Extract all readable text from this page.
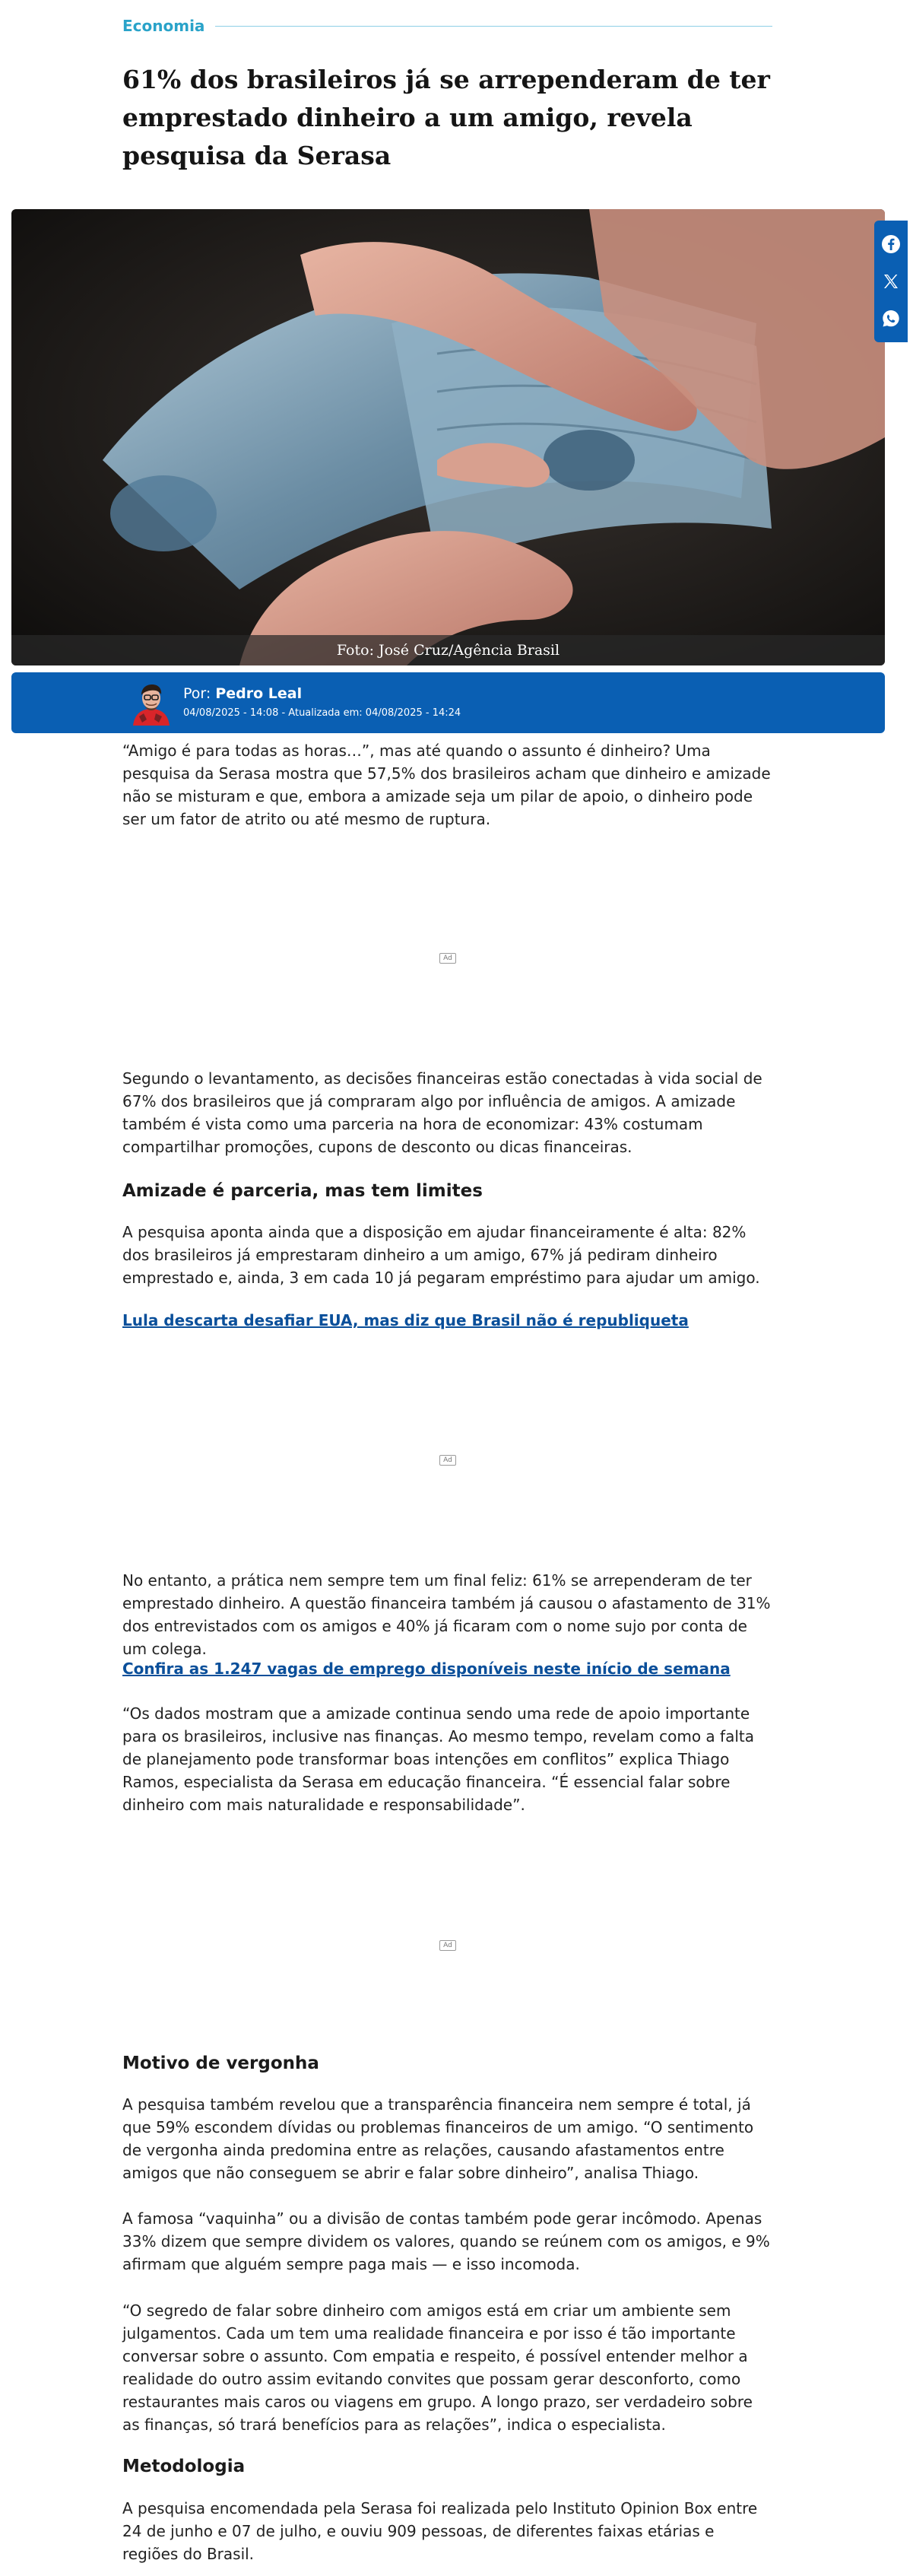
Economia
61% dos brasileiros já se arrependeram de ter emprestado dinheiro a um amigo, revela pesquisa da Serasa
Foto: José Cruz/Agência Brasil
Por: Pedro Leal
04/08/2025 - 14:08 - Atualizada em: 04/08/2025 - 14:24

“Amigo é para todas as horas…”, mas até quando o assunto é dinheiro? Uma pesquisa da Serasa mostra que 57,5% dos brasileiros acham que dinheiro e amizade não se misturam e que, embora a amizade seja um pilar de apoio, o dinheiro pode ser um fator de atrito ou até mesmo de ruptura.

Ad

Segundo o levantamento, as decisões financeiras estão conectadas à vida social de 67% dos brasileiros que já compraram algo por influência de amigos. A amizade também é vista como uma parceria na hora de economizar: 43% costumam compartilhar promoções, cupons de desconto ou dicas financeiras.

Amizade é parceria, mas tem limites

A pesquisa aponta ainda que a disposição em ajudar financeiramente é alta: 82% dos brasileiros já emprestaram dinheiro a um amigo, 67% já pediram dinheiro emprestado e, ainda, 3 em cada 10 já pegaram empréstimo para ajudar um amigo.

Lula descarta desafiar EUA, mas diz que Brasil não é republiqueta
Ad

No entanto, a prática nem sempre tem um final feliz: 61% se arrependeram de ter emprestado dinheiro. A questão financeira também já causou o afastamento de 31% dos entrevistados com os amigos e 40% já ficaram com o nome sujo por conta de um colega.

Confira as 1.247 vagas de emprego disponíveis neste início de semana

“Os dados mostram que a amizade continua sendo uma rede de apoio importante para os brasileiros, inclusive nas finanças. Ao mesmo tempo, revelam como a falta de planejamento pode transformar boas intenções em conflitos” explica Thiago Ramos, especialista da Serasa em educação financeira. “É essencial falar sobre dinheiro com mais naturalidade e responsabilidade”.

Ad
Motivo de vergonha

A pesquisa também revelou que a transparência financeira nem sempre é total, já que 59% escondem dívidas ou problemas financeiros de um amigo. “O sentimento de vergonha ainda predomina entre as relações, causando afastamentos entre amigos que não conseguem se abrir e falar sobre dinheiro”, analisa Thiago.

A famosa “vaquinha” ou a divisão de contas também pode gerar incômodo. Apenas 33% dizem que sempre dividem os valores, quando se reúnem com os amigos, e 9% afirmam que alguém sempre paga mais — e isso incomoda.

“O segredo de falar sobre dinheiro com amigos está em criar um ambiente sem julgamentos. Cada um tem uma realidade financeira e por isso é tão importante conversar sobre o assunto. Com empatia e respeito, é possível entender melhor a realidade do outro assim evitando convites que possam gerar desconforto, como restaurantes mais caros ou viagens em grupo. A longo prazo, ser verdadeiro sobre as finanças, só trará benefícios para as relações”, indica o especialista.

Metodologia

A pesquisa encomendada pela Serasa foi realizada pelo Instituto Opinion Box entre 24 de junho e 07 de julho, e ouviu 909 pessoas, de diferentes faixas etárias e regiões do Brasil.
